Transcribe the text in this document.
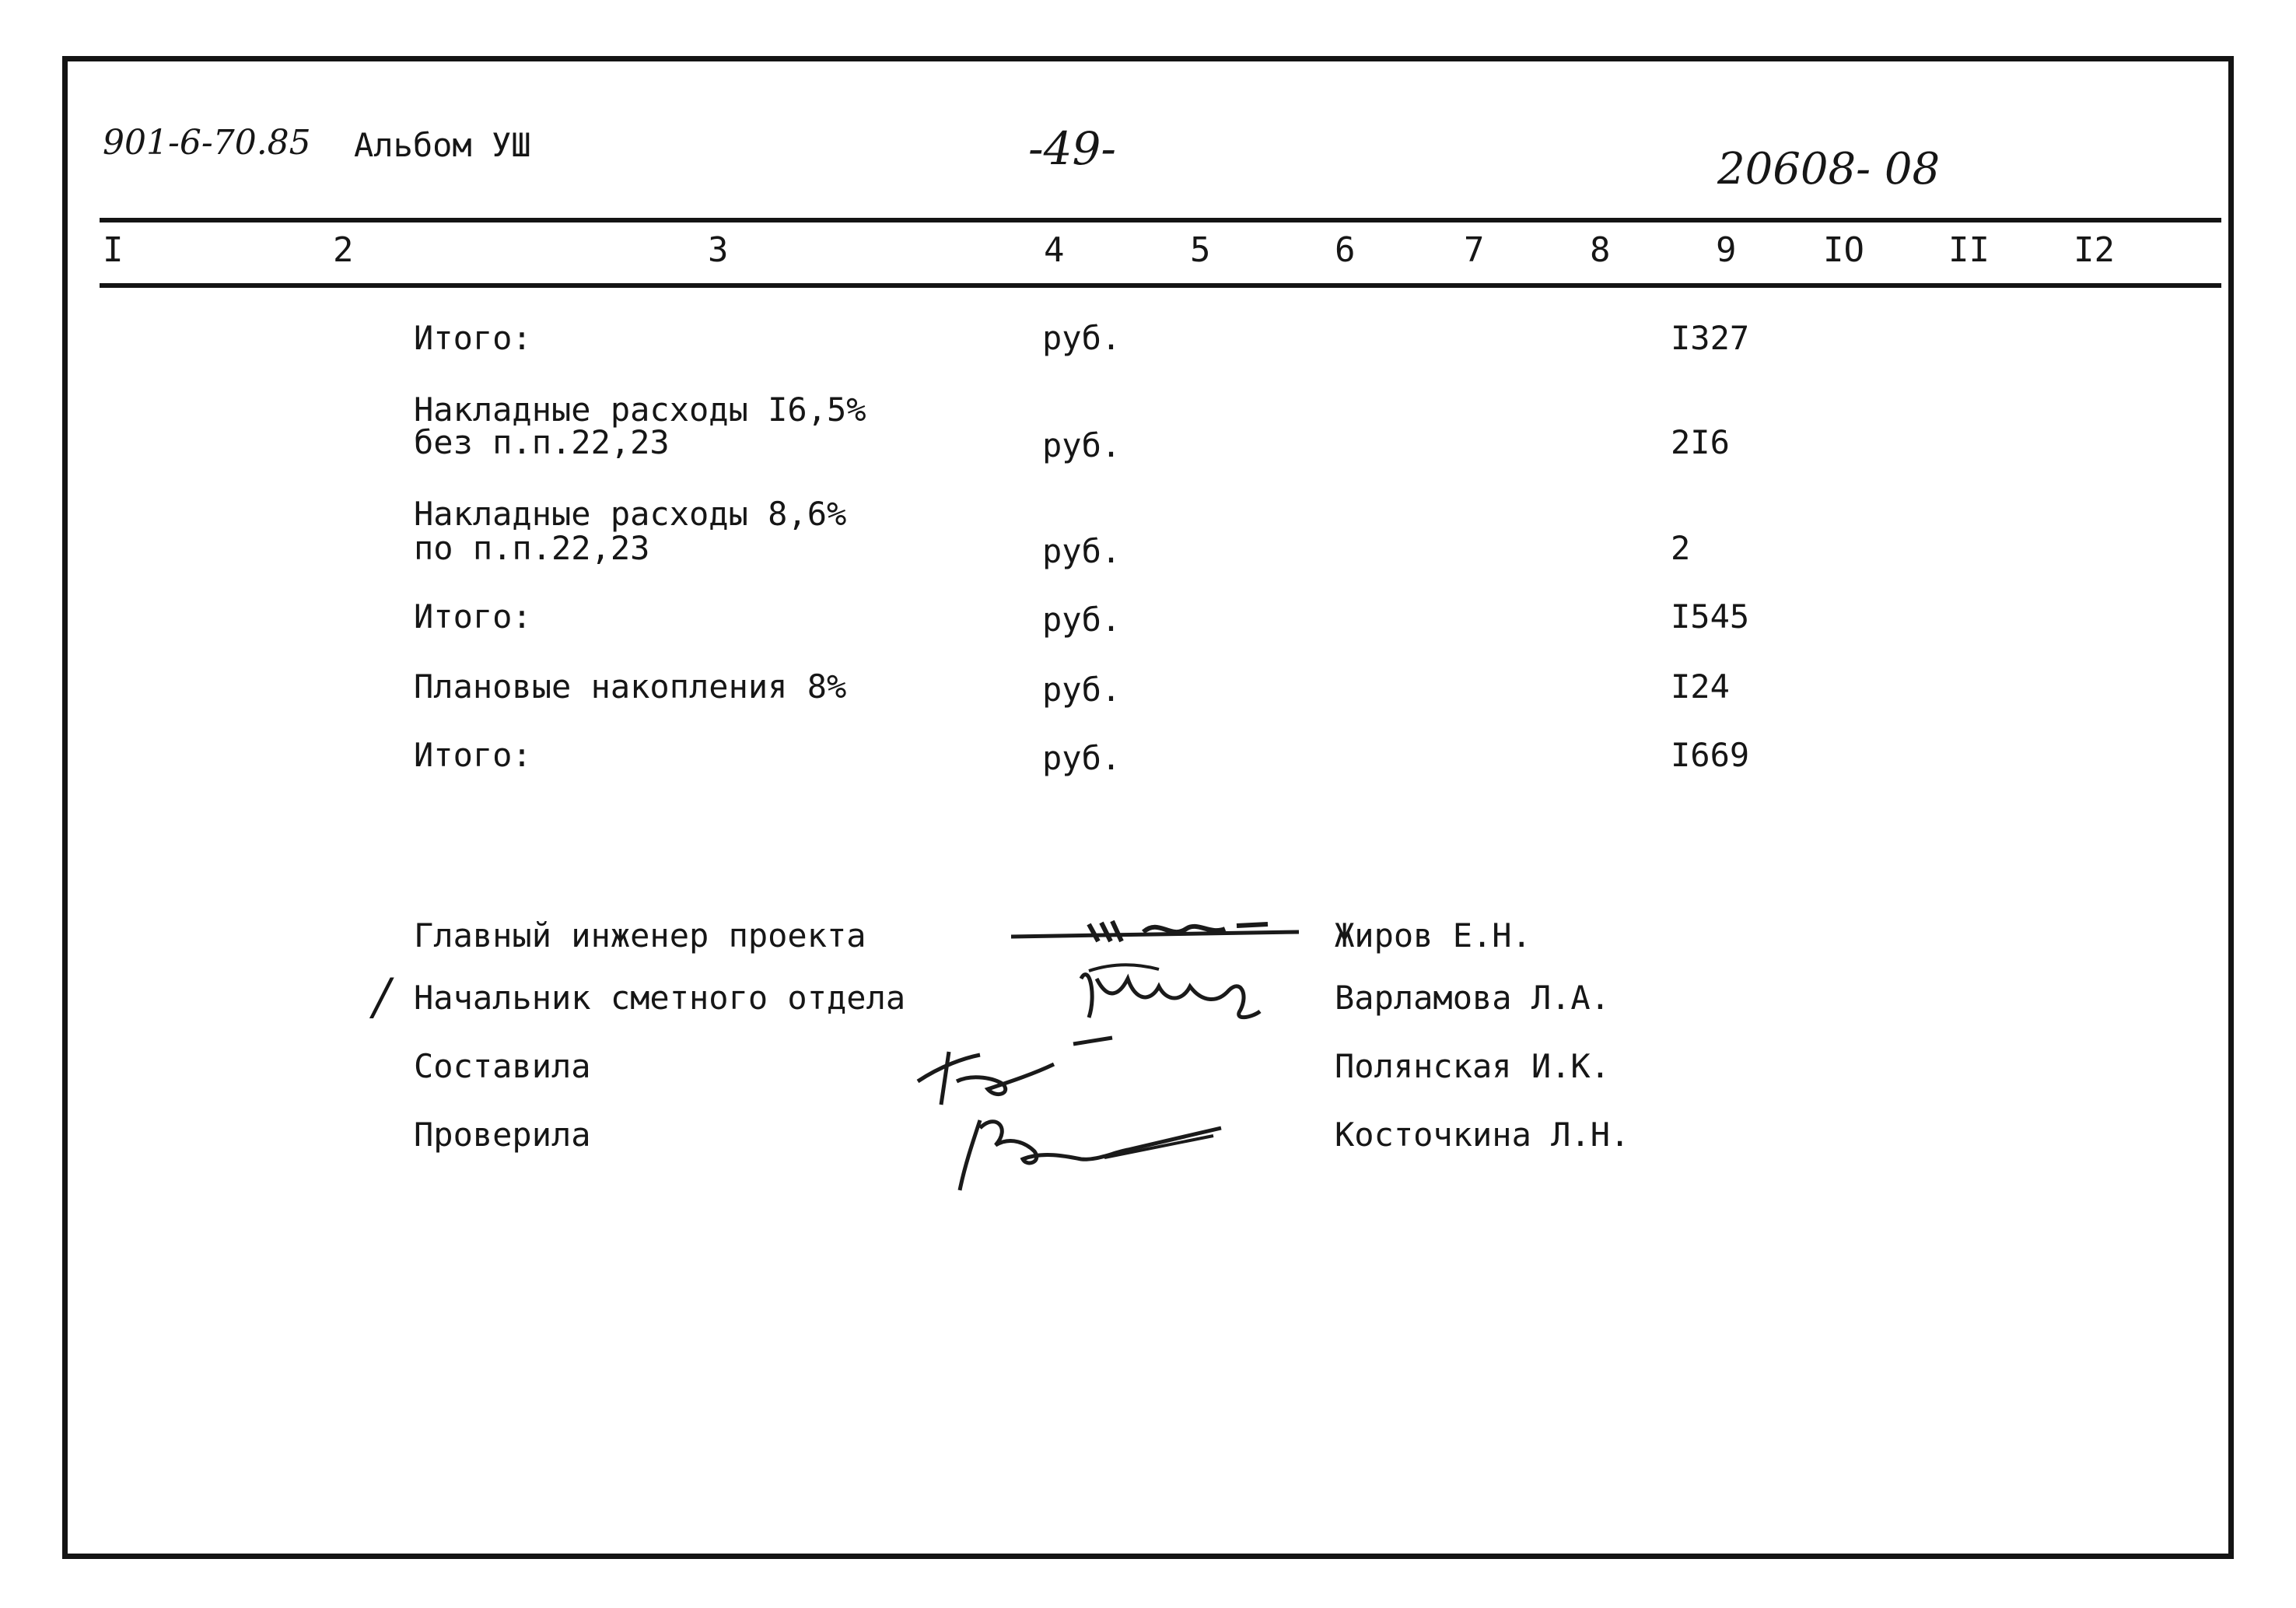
901-6-70.85 Альбом УШ	-49-	20608- 08
I	2	3	4	5	6	7	8	9	IO II I2
Итого:	руб.	I327
Накладные расходы I6,5%
без п.п.22,23	руб.	2I6
Накладные расходы 8,6%
по п.п.22,23	руб.	2
Итого:	руб.	I545
Плановые накопления 8%	руб.	I24
Итого:	руб.	I669
/
Главный инженер проекта	Жиров Е.Н.
Начальник сметного отдела	Варламова Л.А.
Составила	Полянская И.К.
Проверила	Косточкина Л.Н.
